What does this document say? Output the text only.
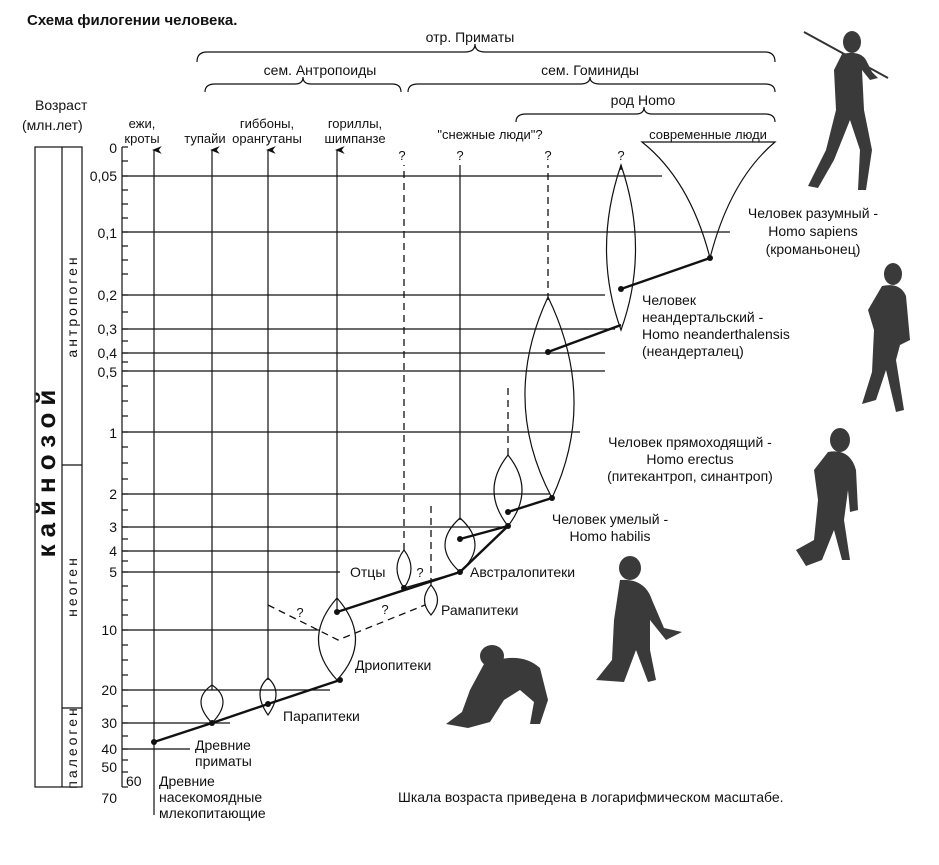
Схема филогении человека.
Возраст
(млн.лет)
кайнозой
антропоген
неоген
палеоген
0
0,05
0,1
0,2
0,3
0,4
0,5
1
2
3
4
5
10
20
30
40
50
60
70
отр. Приматы
сем. Антропоиды	сем. Гоминиды
род Homo
ежи,
кроты тупайи
гиббоны,
орангутаны
гориллы,
шимпанзе	"снежные люди"?	современные люди
?	?	?	?
?	?
?
Человек разумный -
Homo sapiens
(кроманьонец)
Человек
неандертальский -
Homo neanderthalensis
(неандерталец)
Человек прямоходящий -
Homo erectus
(питекантроп, синантроп)
Человек умелый -
Homo habilis
Австралопитеки
Отцы
Рамапитеки
Дриопитеки
Парапитеки
Древние
приматы
Древние
насекомоядные
млекопитающие
Шкала возраста приведена в логарифмическом масштабе.
